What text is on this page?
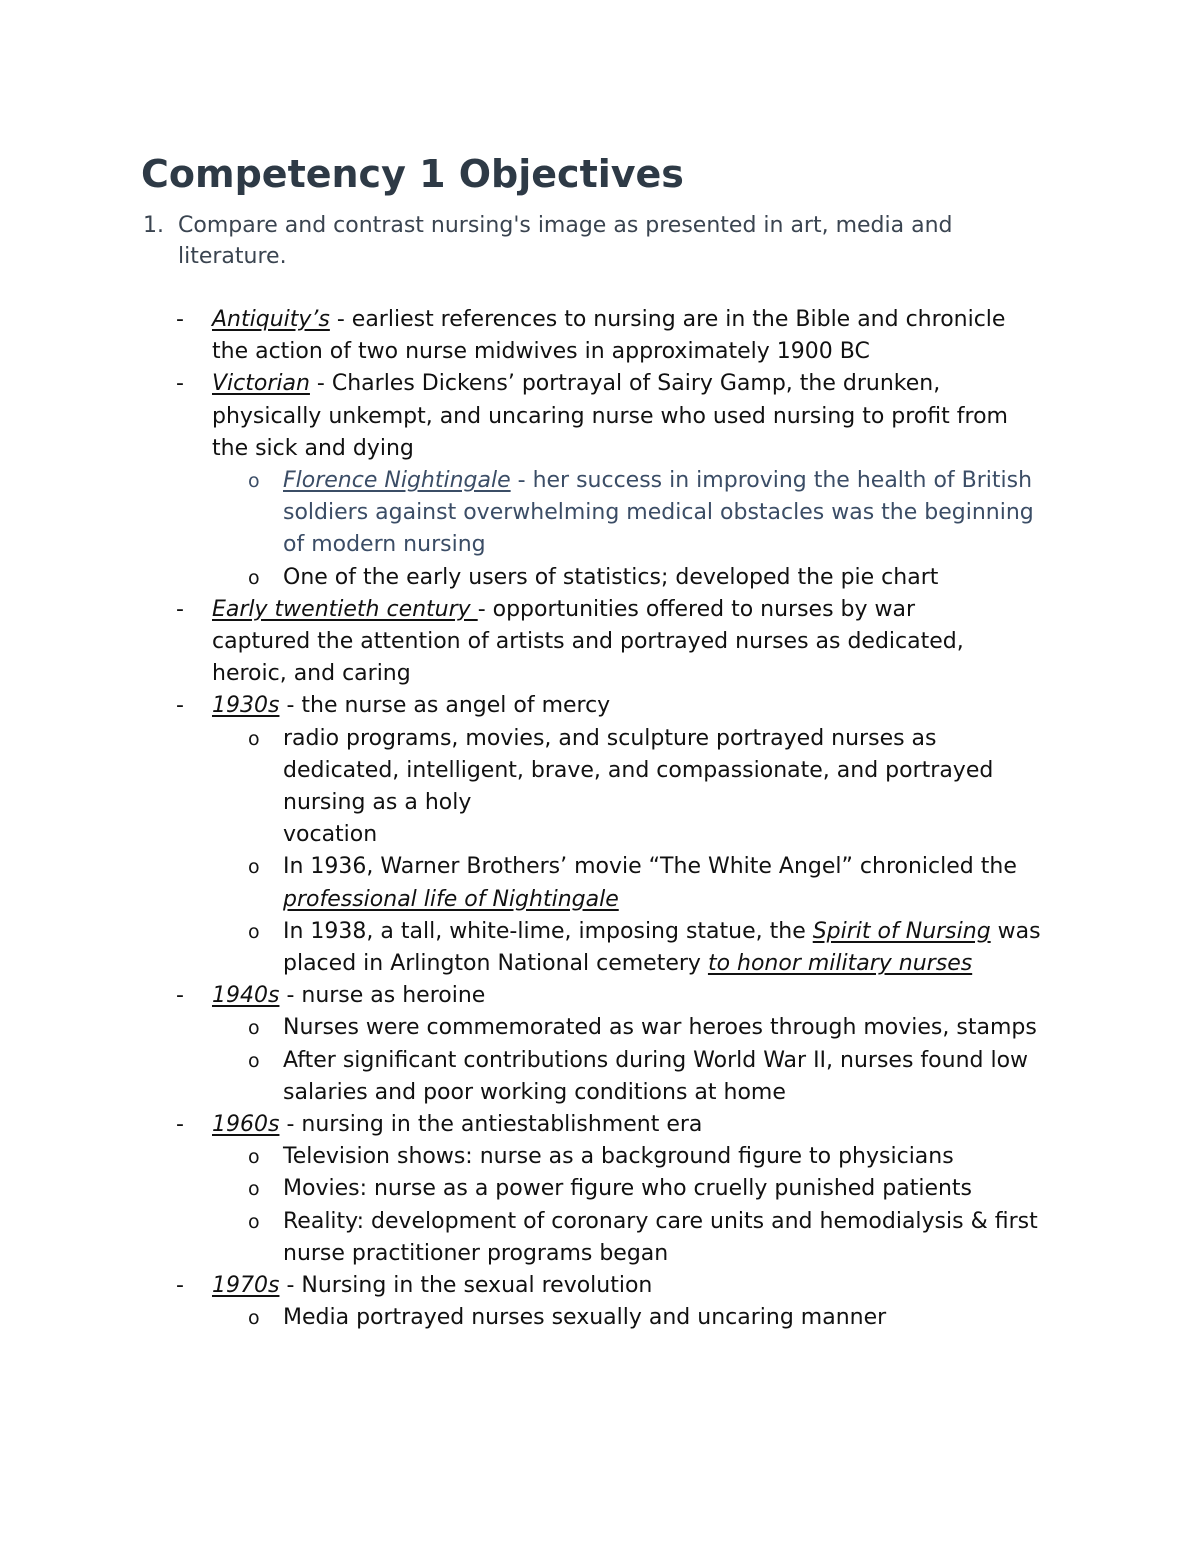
Competency 1 Objectives
1. Compare and contrast nursing's image as presented in art, media and literature.
- Antiquity’s - earliest references to nursing are in the Bible and chronicle the action of two nurse midwives in approximately 1900 BC
- Victorian - Charles Dickens’ portrayal of Sairy Gamp, the drunken, physically unkempt, and uncaring nurse who used nursing to profit from the sick and dying
o Florence Nightingale - her success in improving the health of British soldiers against overwhelming medical obstacles was the beginning of modern nursing
o One of the early users of statistics; developed the pie chart
- Early twentieth century - opportunities offered to nurses by war captured the attention of artists and portrayed nurses as dedicated, heroic, and caring
- 1930s - the nurse as angel of mercy
o radio programs, movies, and sculpture portrayed nurses as dedicated, intelligent, brave, and compassionate, and portrayed nursing as a holy
vocation
o In 1936, Warner Brothers’ movie “The White Angel” chronicled the professional life of Nightingale
o In 1938, a tall, white-lime, imposing statue, the Spirit of Nursing was placed in Arlington National cemetery to honor military nurses
- 1940s - nurse as heroine
o Nurses were commemorated as war heroes through movies, stamps
o After significant contributions during World War II, nurses found low salaries and poor working conditions at home
- 1960s - nursing in the antiestablishment era
o Television shows: nurse as a background figure to physicians
o Movies: nurse as a power figure who cruelly punished patients
o Reality: development of coronary care units and hemodialysis & first nurse practitioner programs began
- 1970s - Nursing in the sexual revolution
o Media portrayed nurses sexually and uncaring manner
